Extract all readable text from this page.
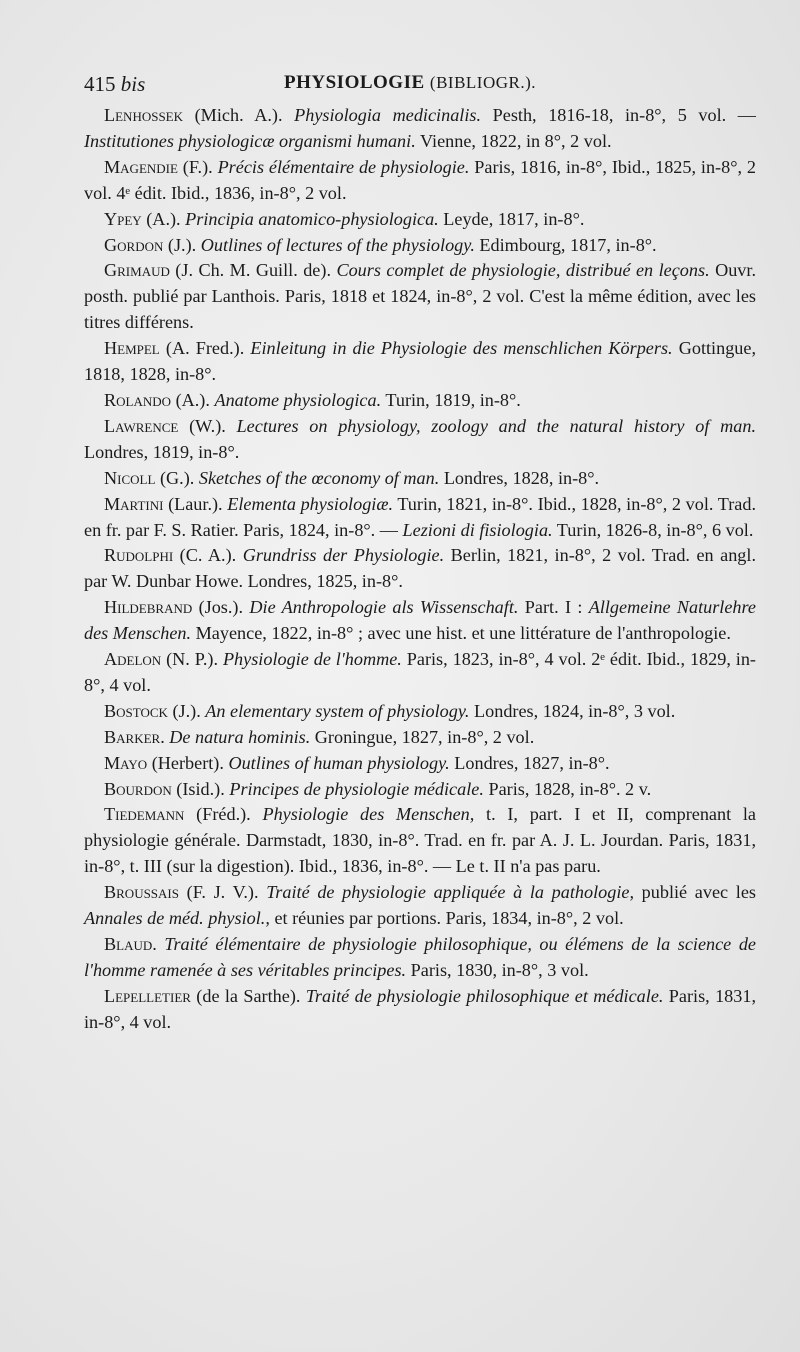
415 bis	PHYSIOLOGIE (BIBLIOGR.).

Lenhossek (Mich. A.). Physiologia medicinalis. Pesth, 1816-18, in-8°, 5 vol. — Institutiones physiologicæ organismi humani. Vienne, 1822, in 8°, 2 vol.

Magendie (F.). Précis élémentaire de physiologie. Paris, 1816, in-8°, Ibid., 1825, in-8°, 2 vol. 4ᵉ édit. Ibid., 1836, in-8°, 2 vol.

Ypey (A.). Principia anatomico-physiologica. Leyde, 1817, in-8°.

Gordon (J.). Outlines of lectures of the physiology. Edimbourg, 1817, in-8°.

Grimaud (J. Ch. M. Guill. de). Cours complet de physiologie, distribué en leçons. Ouvr. posth. publié par Lanthois. Paris, 1818 et 1824, in-8°, 2 vol. C'est la même édition, avec les titres différens.

Hempel (A. Fred.). Einleitung in die Physiologie des menschlichen Körpers. Gottingue, 1818, 1828, in-8°.

Rolando (A.). Anatome physiologica. Turin, 1819, in-8°.

Lawrence (W.). Lectures on physiology, zoology and the natural history of man. Londres, 1819, in-8°.

Nicoll (G.). Sketches of the œconomy of man. Londres, 1828, in-8°.

Martini (Laur.). Elementa physiologiæ. Turin, 1821, in-8°. Ibid., 1828, in-8°, 2 vol. Trad. en fr. par F. S. Ratier. Paris, 1824, in-8°. — Lezioni di fisiologia. Turin, 1826-8, in-8°, 6 vol.

Rudolphi (C. A.). Grundriss der Physiologie. Berlin, 1821, in-8°, 2 vol. Trad. en angl. par W. Dunbar Howe. Londres, 1825, in-8°.

Hildebrand (Jos.). Die Anthropologie als Wissenschaft. Part. I : Allgemeine Naturlehre des Menschen. Mayence, 1822, in-8° ; avec une hist. et une littérature de l'anthropologie.

Adelon (N. P.). Physiologie de l'homme. Paris, 1823, in-8°, 4 vol. 2ᵉ édit. Ibid., 1829, in-8°, 4 vol.

Bostock (J.). An elementary system of physiology. Londres, 1824, in-8°, 3 vol.

Barker. De natura hominis. Groningue, 1827, in-8°, 2 vol.

Mayo (Herbert). Outlines of human physiology. Londres, 1827, in-8°.

Bourdon (Isid.). Principes de physiologie médicale. Paris, 1828, in-8°. 2 v.

Tiedemann (Fréd.). Physiologie des Menschen, t. I, part. I et II, comprenant la physiologie générale. Darmstadt, 1830, in-8°. Trad. en fr. par A. J. L. Jourdan. Paris, 1831, in-8°, t. III (sur la digestion). Ibid., 1836, in-8°. — Le t. II n'a pas paru.

Broussais (F. J. V.). Traité de physiologie appliquée à la pathologie, publié avec les Annales de méd. physiol., et réunies par portions. Paris, 1834, in-8°, 2 vol.

Blaud. Traité élémentaire de physiologie philosophique, ou élémens de la science de l'homme ramenée à ses véritables principes. Paris, 1830, in-8°, 3 vol.

Lepelletier (de la Sarthe). Traité de physiologie philosophique et médicale. Paris, 1831, in-8°, 4 vol.
